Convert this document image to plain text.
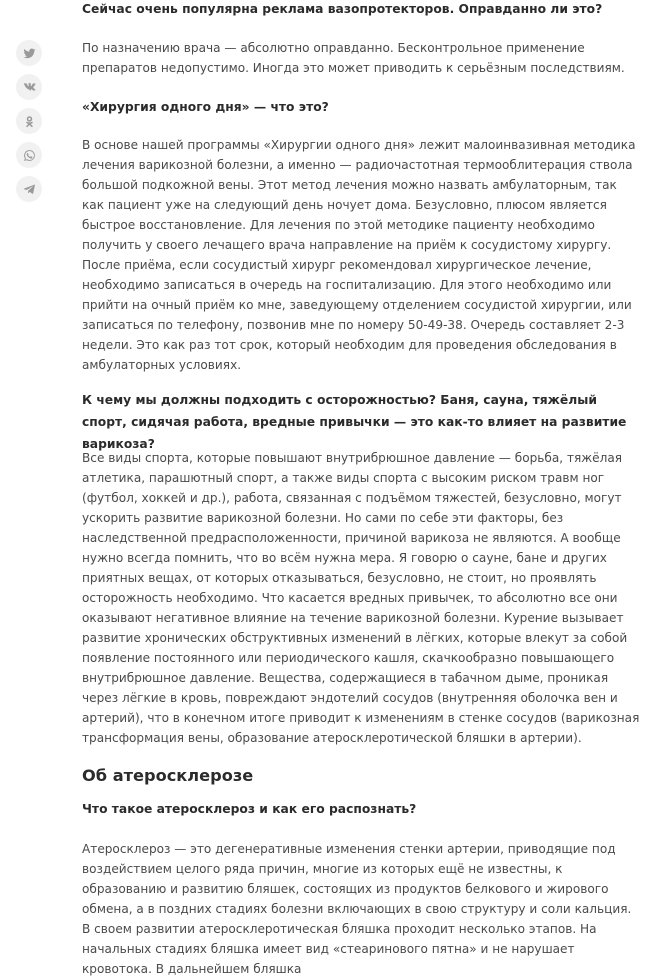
Сейчас очень популярна реклама вазопротекторов. Оправданно ли это?

По назначению врача — абсолютно оправданно. Бесконтрольное применение препаратов недопустимо. Иногда это может приводить к серьёзным последствиям.

«Хирургия одного дня» — что это?

В основе нашей программы «Хирургии одного дня» лежит малоинвазивная методика лечения варикозной болезни, а именно — радиочастотная термооблитерация ствола большой подкожной вены. Этот метод лечения можно назвать амбулаторным, так как пациент уже на следующий день ночует дома. Безусловно, плюсом является быстрое восстановление. Для лечения по этой методике пациенту необходимо получить у своего лечащего врача направление на приём к сосудистому хирургу. После приёма, если сосудистый хирург рекомендовал хирургическое лечение, необходимо записаться в очередь на госпитализацию. Для этого необходимо или прийти на очный приём ко мне, заведующему отделением сосудистой хирургии, или записаться по телефону, позвонив мне по номеру 50-49-38. Очередь составляет 2-3 недели. Это как раз тот срок, который необходим для проведения обследования в амбулаторных условиях.

К чему мы должны подходить с осторожностью? Баня, сауна, тяжёлый спорт, сидячая работа, вредные привычки — это как-то влияет на развитие варикоза?

Все виды спорта, которые повышают внутрибрюшное давление — борьба, тяжёлая атлетика, парашютный спорт, а также виды спорта с высоким риском травм ног (футбол, хоккей и др.), работа, связанная с подъёмом тяжестей, безусловно, могут ускорить развитие варикозной болезни. Но сами по себе эти факторы, без наследственной предрасположенности, причиной варикоза не являются. А вообще нужно всегда помнить, что во всём нужна мера. Я говорю о сауне, бане и других приятных вещах, от которых отказываться, безусловно, не стоит, но проявлять осторожность необходимо. Что касается вредных привычек, то абсолютно все они оказывают негативное влияние на течение варикозной болезни. Курение вызывает развитие хронических обструктивных изменений в лёгких, которые влекут за собой появление постоянного или периодического кашля, скачкообразно повышающего внутрибрюшное давление. Вещества, содержащиеся в табачном дыме, проникая через лёгкие в кровь, повреждают эндотелий сосудов (внутренняя оболочка вен и артерий), что в конечном итоге приводит к изменениям в стенке сосудов (варикозная трансформация вены, образование атеросклеротической бляшки в артерии).

Об атеросклерозе

Что такое атеросклероз и как его распознать?

Атеросклероз — это дегенеративные изменения стенки артерии, приводящие под воздействием целого ряда причин, многие из которых ещё не известны, к образованию и развитию бляшек, состоящих из продуктов белкового и жирового обмена, а в поздних стадиях болезни включающих в свою структуру и соли кальция. В своем развитии атеросклеротическая бляшка проходит несколько этапов. На начальных стадиях бляшка имеет вид «стеаринового пятна» и не нарушает кровотока. В дальнейшем бляшка
